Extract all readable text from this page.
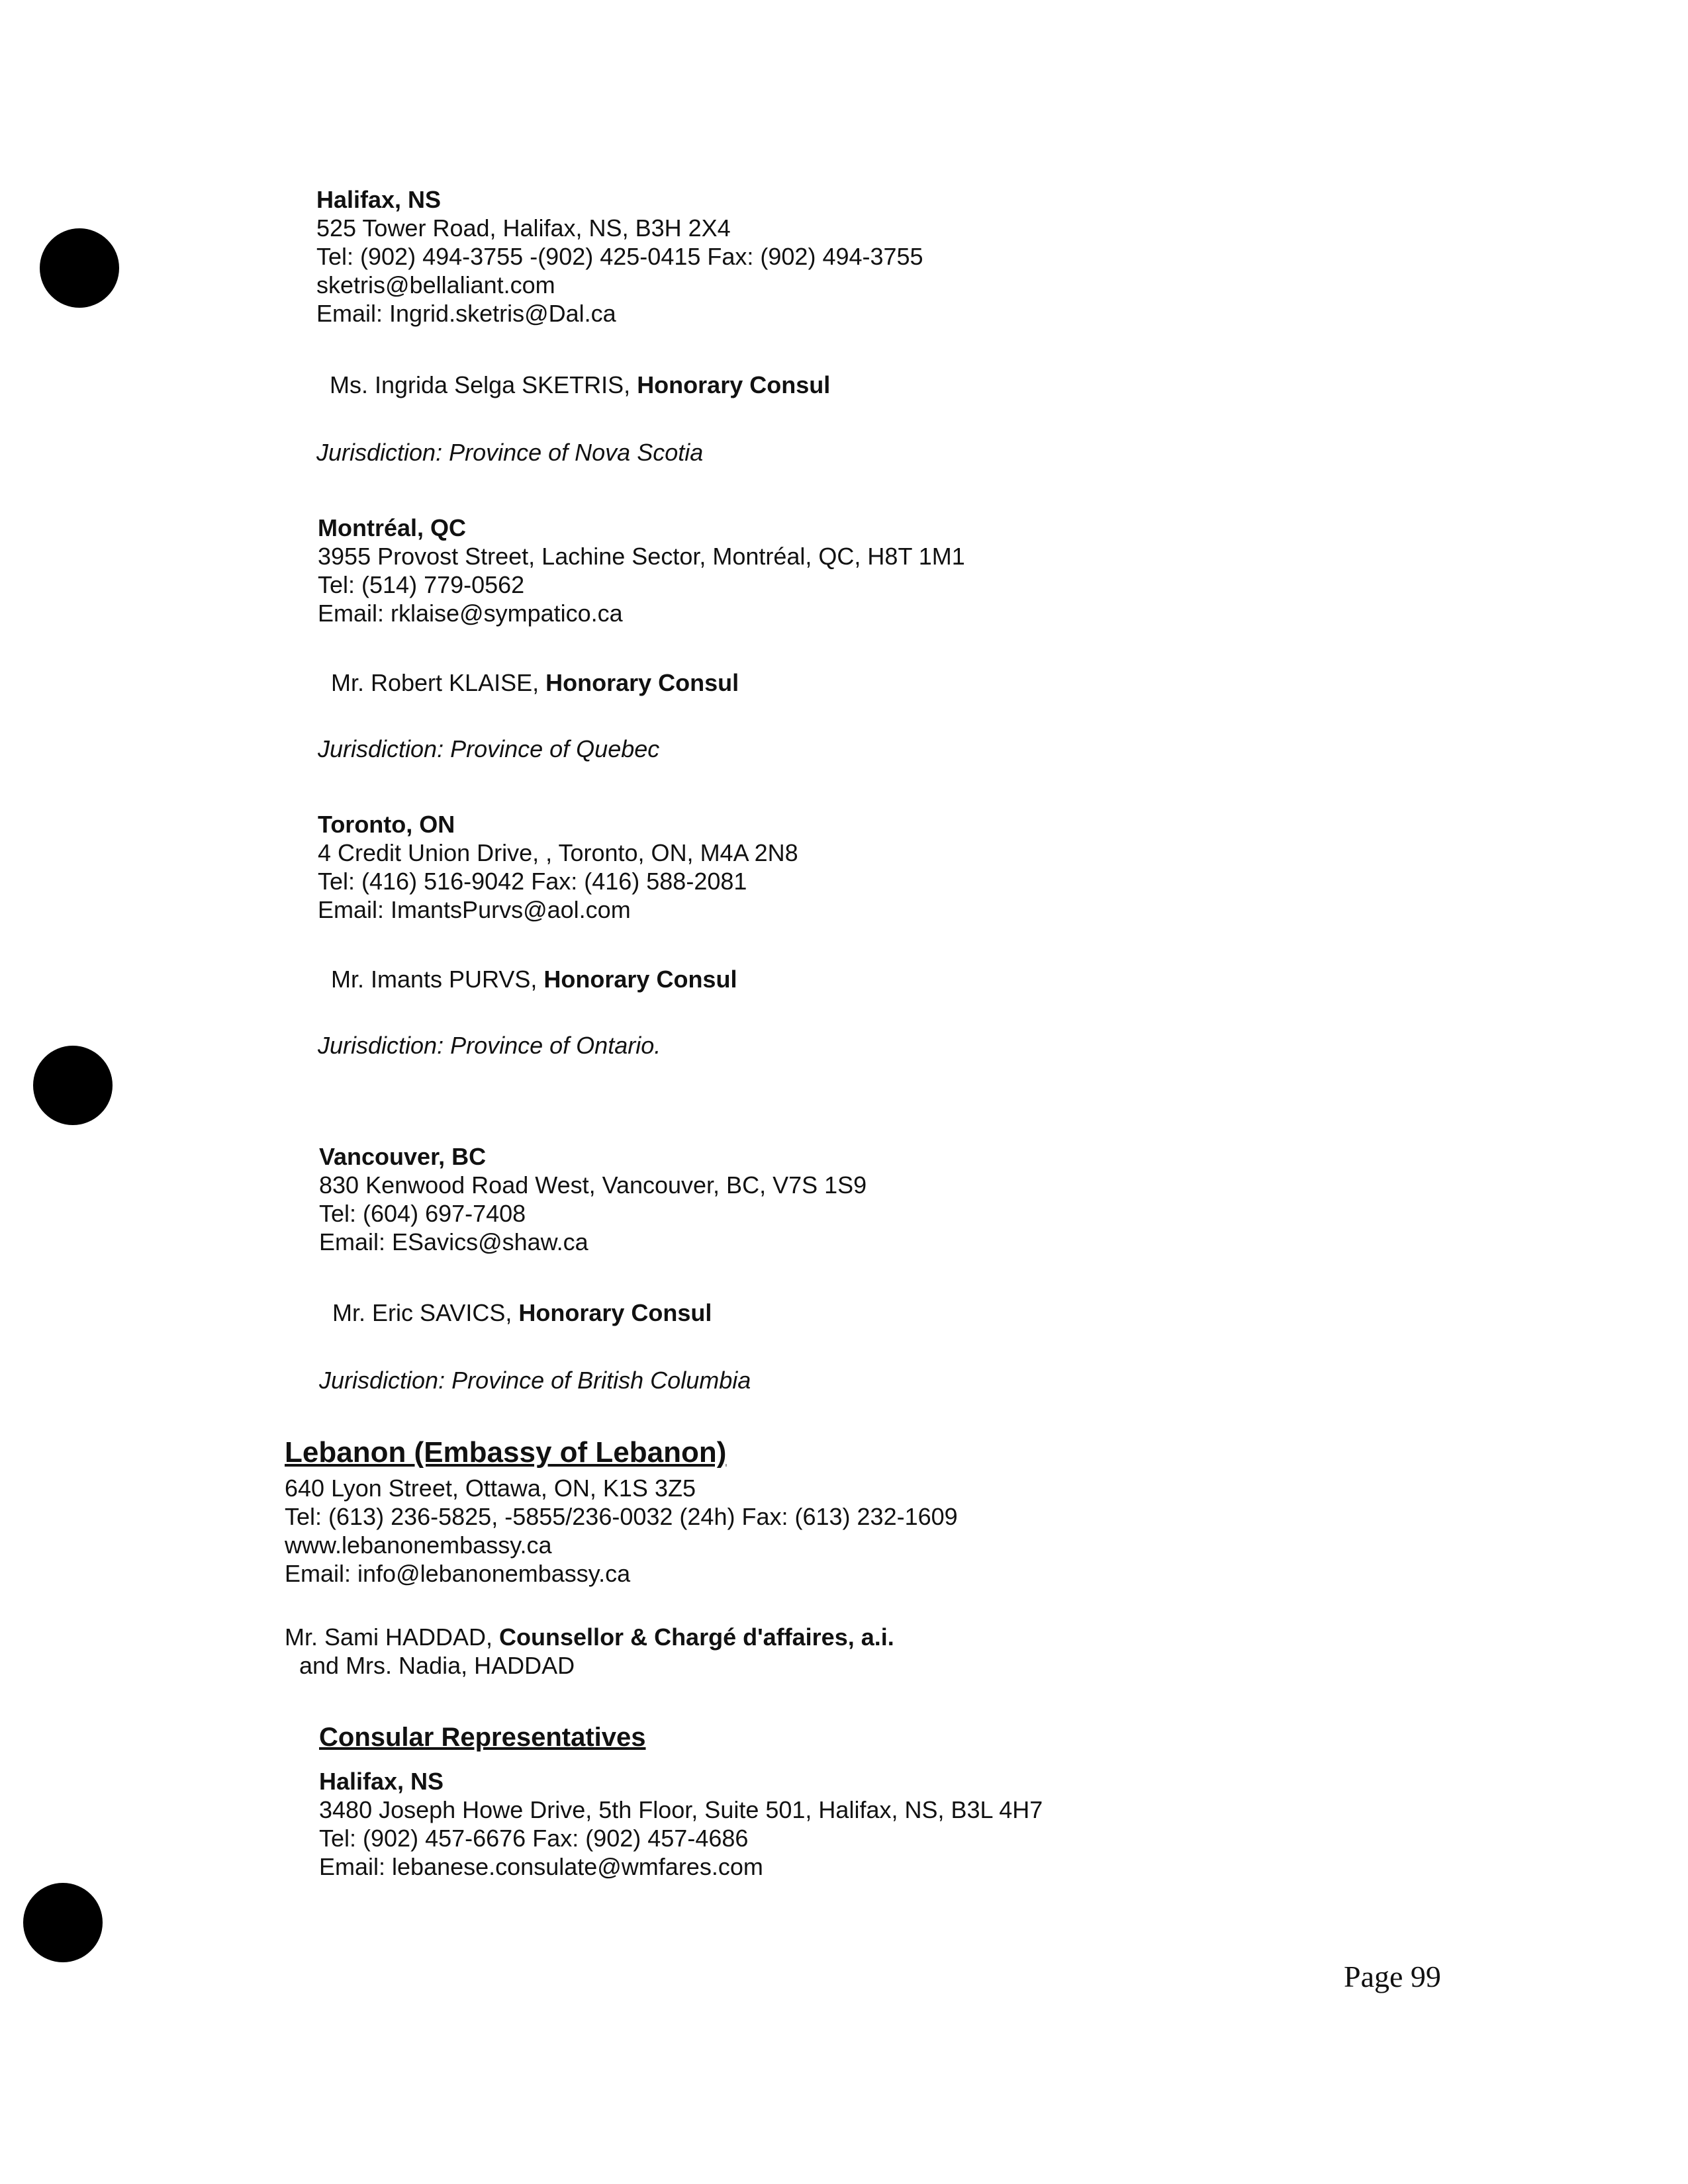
Halifax, NS
525 Tower Road, Halifax, NS, B3H 2X4
Tel: (902) 494-3755 -(902) 425-0415 Fax: (902) 494-3755
sketris@bellaliant.com
Email: Ingrid.sketris@Dal.ca
Ms. Ingrida Selga SKETRIS, Honorary Consul
Jurisdiction: Province of Nova Scotia
Montréal, QC
3955 Provost Street, Lachine Sector, Montréal, QC, H8T 1M1
Tel: (514) 779-0562
Email: rklaise@sympatico.ca
Mr. Robert KLAISE, Honorary Consul
Jurisdiction: Province of Quebec
Toronto, ON
4 Credit Union Drive, , Toronto, ON, M4A 2N8
Tel: (416) 516-9042 Fax: (416) 588-2081
Email: ImantsPurvs@aol.com
Mr. Imants PURVS, Honorary Consul
Jurisdiction: Province of Ontario.
Vancouver, BC
830 Kenwood Road West, Vancouver, BC, V7S 1S9
Tel: (604) 697-7408
Email: ESavics@shaw.ca
Mr. Eric SAVICS, Honorary Consul
Jurisdiction: Province of British Columbia
Lebanon (Embassy of Lebanon)
640 Lyon Street, Ottawa, ON, K1S 3Z5
Tel: (613) 236-5825, -5855/236-0032 (24h) Fax: (613) 232-1609
www.lebanonembassy.ca
Email: info@lebanonembassy.ca
Mr. Sami HADDAD, Counsellor & Chargé d'affaires, a.i.
and Mrs. Nadia, HADDAD
Consular Representatives
Halifax, NS
3480 Joseph Howe Drive, 5th Floor, Suite 501, Halifax, NS, B3L 4H7
Tel: (902) 457-6676 Fax: (902) 457-4686
Email: lebanese.consulate@wmfares.com
Page 99
